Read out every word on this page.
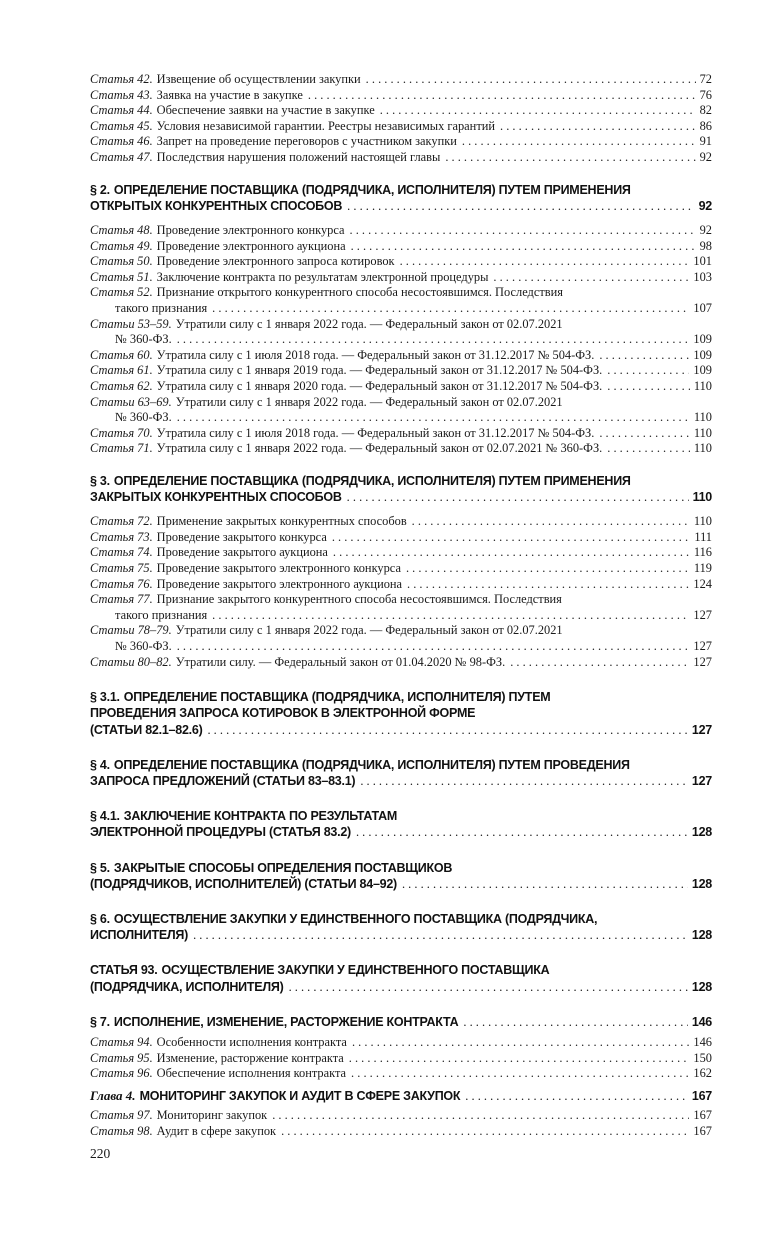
Статья 42. Извещение об осуществлении закупки . . .	72
Статья 43. Заявка на участие в закупке . . .	76
Статья 44. Обеспечение заявки на участие в закупке . . .	82
Статья 45. Условия независимой гарантии. Реестры независимых гарантий . . .	86
Статья 46. Запрет на проведение переговоров с участником закупки . . .	91
Статья 47. Последствия нарушения положений настоящей главы . . .	92
§ 2. ОПРЕДЕЛЕНИЕ ПОСТАВЩИКА (ПОДРЯДЧИКА, ИСПОЛНИТЕЛЯ) ПУТЕМ ПРИМЕНЕНИЯ
ОТКРЫТЫХ КОНКУРЕНТНЫХ СПОСОБОВ . . .	92
Статья 48. Проведение электронного конкурса . . .	92
Статья 49. Проведение электронного аукциона . . .	98
Статья 50. Проведение электронного запроса котировок . . .	101
Статья 51. Заключение контракта по результатам электронной процедуры . . .	103
Статья 52. Признание открытого конкурентного способа несостоявшимся. Последствия
такого признания . . .	107
Статьи 53–59. Утратили силу с 1 января 2022 года. — Федеральный закон от 02.07.2021
№ 360-ФЗ. . . .	109
Статья 60. Утратила силу с 1 июля 2018 года. — Федеральный закон от 31.12.2017 № 504-ФЗ. . . .	109
Статья 61. Утратила силу с 1 января 2019 года. — Федеральный закон от 31.12.2017 № 504-ФЗ. . . .	109
Статья 62. Утратила силу с 1 января 2020 года. — Федеральный закон от 31.12.2017 № 504-ФЗ. . . .	110
Статьи 63–69. Утратили силу с 1 января 2022 года. — Федеральный закон от 02.07.2021
№ 360-ФЗ. . . .	110
Статья 70. Утратила силу с 1 июля 2018 года. — Федеральный закон от 31.12.2017 № 504-ФЗ. . . .	110
Статья 71. Утратила силу с 1 января 2022 года. — Федеральный закон от 02.07.2021 № 360-ФЗ. . . .	110
§ 3. ОПРЕДЕЛЕНИЕ ПОСТАВЩИКА (ПОДРЯДЧИКА, ИСПОЛНИТЕЛЯ) ПУТЕМ ПРИМЕНЕНИЯ
ЗАКРЫТЫХ КОНКУРЕНТНЫХ СПОСОБОВ . . .	110
Статья 72. Применение закрытых конкурентных способов . . .	110
Статья 73. Проведение закрытого конкурса . . .	111
Статья 74. Проведение закрытого аукциона . . .	116
Статья 75. Проведение закрытого электронного конкурса . . .	119
Статья 76. Проведение закрытого электронного аукциона . . .	124
Статья 77. Признание закрытого конкурентного способа несостоявшимся. Последствия
такого признания . . .	127
Статьи 78–79. Утратили силу с 1 января 2022 года. — Федеральный закон от 02.07.2021
№ 360-ФЗ. . . .	127
Статьи 80–82. Утратили силу. — Федеральный закон от 01.04.2020 № 98-ФЗ. . . .	127
§ 3.1. ОПРЕДЕЛЕНИЕ ПОСТАВЩИКА (ПОДРЯДЧИКА, ИСПОЛНИТЕЛЯ) ПУТЕМ
ПРОВЕДЕНИЯ ЗАПРОСА КОТИРОВОК В ЭЛЕКТРОННОЙ ФОРМЕ
(СТАТЬИ 82.1–82.6) . . .	127
§ 4. ОПРЕДЕЛЕНИЕ ПОСТАВЩИКА (ПОДРЯДЧИКА, ИСПОЛНИТЕЛЯ) ПУТЕМ ПРОВЕДЕНИЯ
ЗАПРОСА ПРЕДЛОЖЕНИЙ (СТАТЬИ 83–83.1) . . .	127
§ 4.1. ЗАКЛЮЧЕНИЕ КОНТРАКТА ПО РЕЗУЛЬТАТАМ
ЭЛЕКТРОННОЙ ПРОЦЕДУРЫ (СТАТЬЯ 83.2) . . .	128
§ 5. ЗАКРЫТЫЕ СПОСОБЫ ОПРЕДЕЛЕНИЯ ПОСТАВЩИКОВ
(ПОДРЯДЧИКОВ, ИСПОЛНИТЕЛЕЙ) (СТАТЬИ 84–92) . . .	128
§ 6. ОСУЩЕСТВЛЕНИЕ ЗАКУПКИ У ЕДИНСТВЕННОГО ПОСТАВЩИКА (ПОДРЯДЧИКА,
ИСПОЛНИТЕЛЯ) . . .	128
СТАТЬЯ 93. ОСУЩЕСТВЛЕНИЕ ЗАКУПКИ У ЕДИНСТВЕННОГО ПОСТАВЩИКА
(ПОДРЯДЧИКА, ИСПОЛНИТЕЛЯ) . . .	128
§ 7. ИСПОЛНЕНИЕ, ИЗМЕНЕНИЕ, РАСТОРЖЕНИЕ КОНТРАКТА . . .	146
Статья 94. Особенности исполнения контракта . . .	146
Статья 95. Изменение, расторжение контракта . . .	150
Статья 96. Обеспечение исполнения контракта . . .	162
Глава 4. МОНИТОРИНГ ЗАКУПОК И АУДИТ В СФЕРЕ ЗАКУПОК . . .	167
Статья 97. Мониторинг закупок . . .	167
Статья 98. Аудит в сфере закупок . . .	167
220
